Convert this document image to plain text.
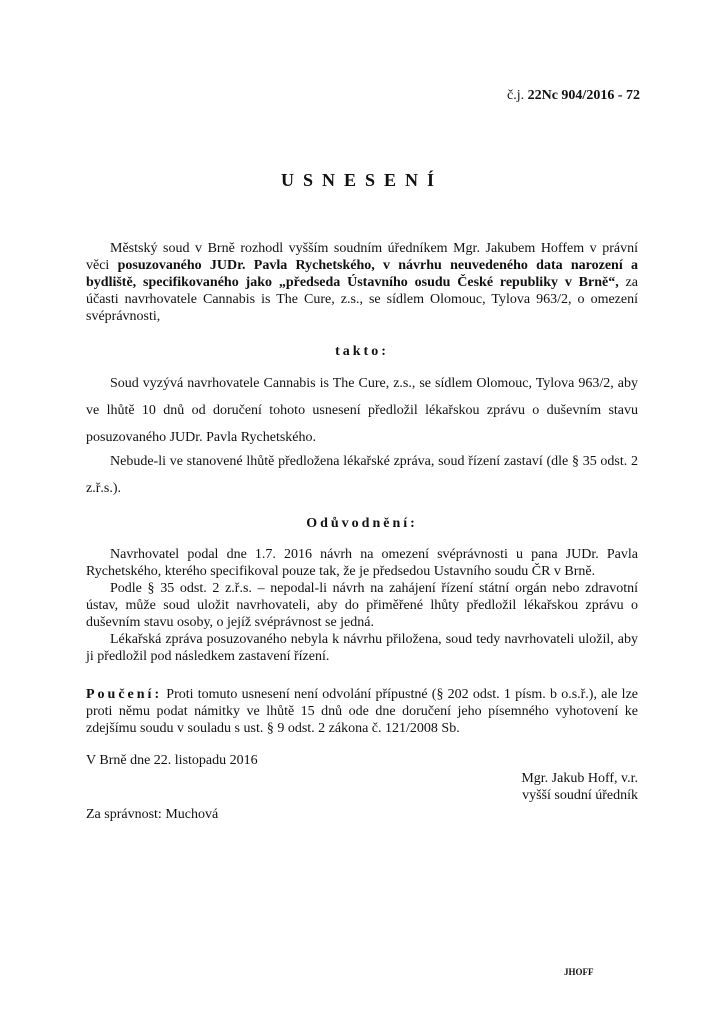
č.j. 22Nc 904/2016 - 72
USNESENÍ
Městský soud v Brně rozhodl vyšším soudním úředníkem Mgr. Jakubem Hoffem v právní věci posuzovaného JUDr. Pavla Rychetského, v návrhu neuvedeného data narození a bydliště, specifikovaného jako „předseda Ústavního osudu České republiky v Brně“, za účasti navrhovatele Cannabis is The Cure, z.s., se sídlem Olomouc, Tylova 963/2, o omezení svéprávnosti,
takto:
Soud vyzývá navrhovatele Cannabis is The Cure, z.s., se sídlem Olomouc, Tylova 963/2, aby ve lhůtě 10 dnů od doručení tohoto usnesení předložil lékařskou zprávu o duševním stavu posuzovaného JUDr. Pavla Rychetského.
Nebude-li ve stanovené lhůtě předložena lékařské zpráva, soud řízení zastaví (dle § 35 odst. 2 z.ř.s.).
Odůvodnění:
Navrhovatel podal dne 1.7. 2016 návrh na omezení svéprávnosti u pana JUDr. Pavla Rychetského, kterého specifikoval pouze tak, že je předsedou Ustavního soudu ČR v Brně.
Podle § 35 odst. 2 z.ř.s. – nepodal-li návrh na zahájení řízení státní orgán nebo zdravotní ústav, může soud uložit navrhovateli, aby do přiměřené lhůty předložil lékařskou zprávu o duševním stavu osoby, o jejíž svéprávnost se jedná.
Lékařská zpráva posuzovaného nebyla k návrhu přiložena, soud tedy navrhovateli uložil, aby ji předložil pod následkem zastavení řízení.
Poučení: Proti tomuto usnesení není odvolání přípustné (§ 202 odst. 1 písm. b o.s.ř.), ale lze proti němu podat námitky ve lhůtě 15 dnů ode dne doručení jeho písemného vyhotovení ke zdejšímu soudu v souladu s ust. § 9 odst. 2 zákona č. 121/2008 Sb.
V Brně dne 22. listopadu 2016
Mgr. Jakub Hoff, v.r.
vyšší soudní úředník
Za správnost: Muchová
JHOFF
